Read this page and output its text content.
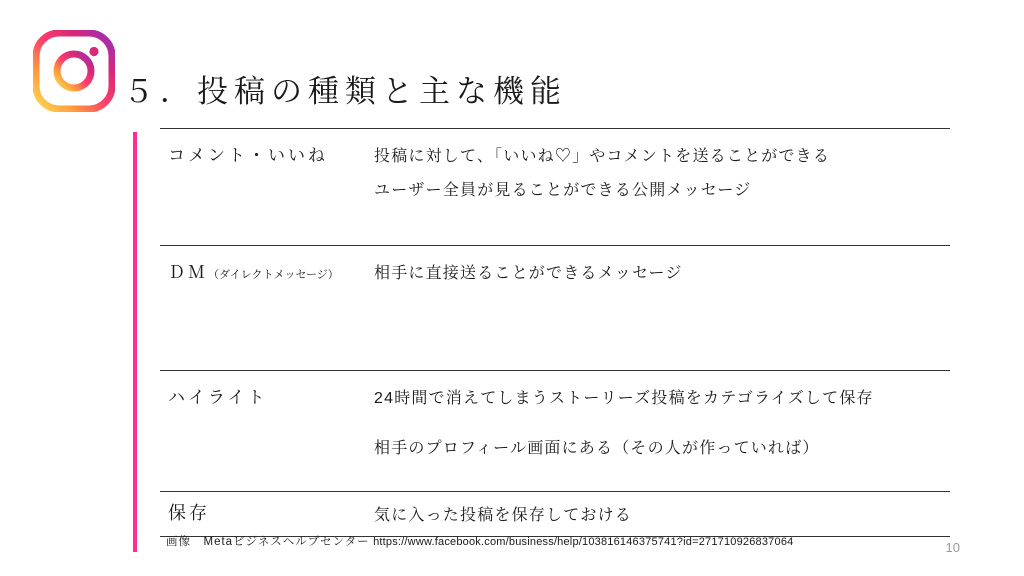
５．投稿の種類と主な機能
コメント・いいね	投稿に対して、「いいね♡」やコメントを送ることができる

ユーザー全員が見ることができる公開メッセージ

ＤＭ（ダイレクトメッセージ）	相手に直接送ることができるメッセージ

ハイライト	24時間で消えてしまうストーリーズ投稿をカテゴライズして保存

相手のプロフィール画面にある（その人が作っていれば）

保存	気に入った投稿を保存しておける

画像　Metaビジネスヘルプセンター https://www.facebook.com/business/help/103816146375741?id=271710926837064	10
